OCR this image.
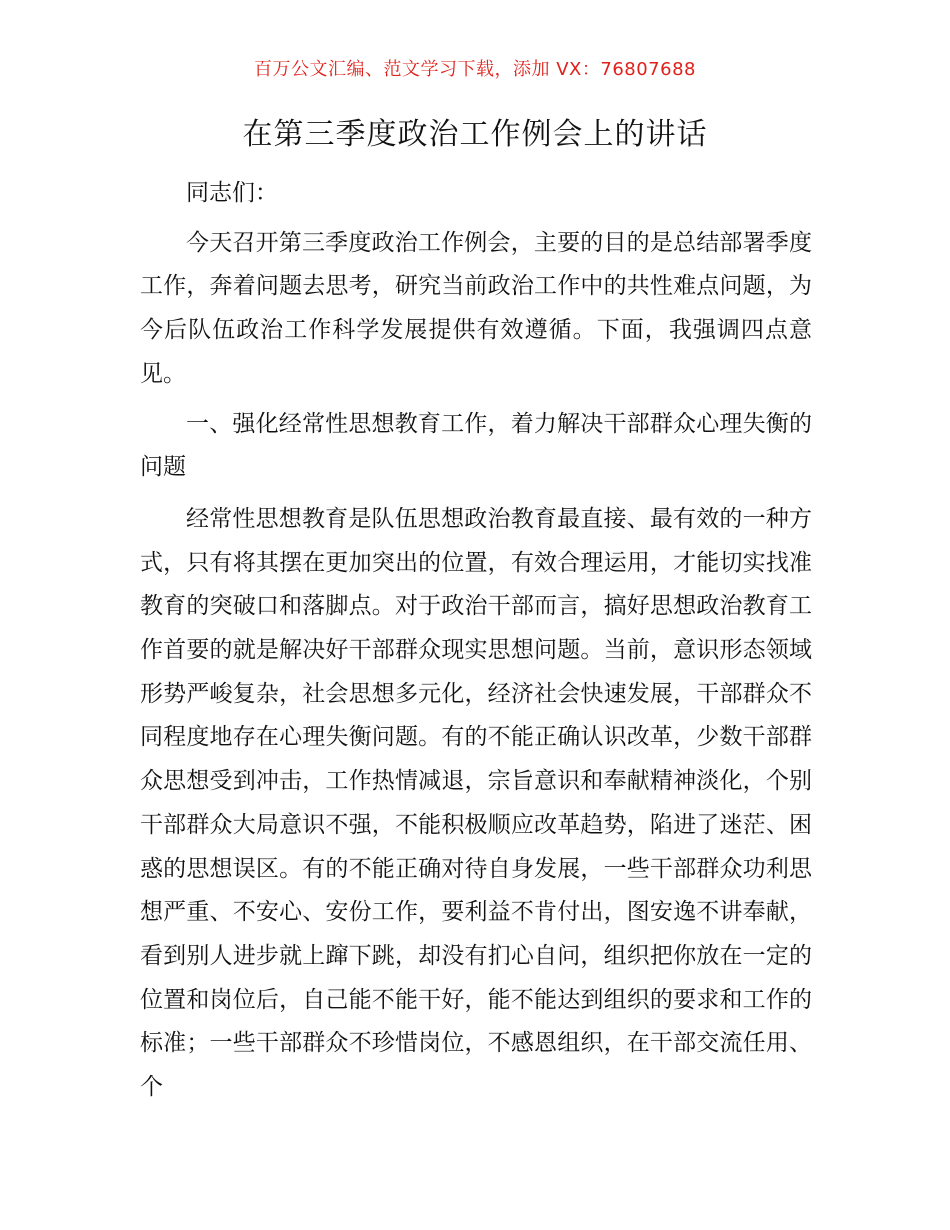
百万公文汇编、范文学习下载，添加 VX：76807688
在第三季度政治工作例会上的讲话

同志们：

今天召开第三季度政治工作例会，主要的目的是总结部署季度工作，奔着问题去思考，研究当前政治工作中的共性难点问题，为今后队伍政治工作科学发展提供有效遵循。下面，我强调四点意见。

一、强化经常性思想教育工作，着力解决干部群众心理失衡的问题

经常性思想教育是队伍思想政治教育最直接、最有效的一种方式，只有将其摆在更加突出的位置，有效合理运用，才能切实找准教育的突破口和落脚点。对于政治干部而言，搞好思想政治教育工作首要的就是解决好干部群众现实思想问题。当前，意识形态领域形势严峻复杂，社会思想多元化，经济社会快速发展，干部群众不同程度地存在心理失衡问题。有的不能正确认识改革，少数干部群众思想受到冲击，工作热情减退，宗旨意识和奉献精神淡化，个别干部群众大局意识不强，不能积极顺应改革趋势，陷进了迷茫、困惑的思想误区。有的不能正确对待自身发展，一些干部群众功利思想严重、不安心、安份工作，要利益不肯付出，图安逸不讲奉献，看到别人进步就上蹿下跳，却没有扪心自问，组织把你放在一定的位置和岗位后，自己能不能干好，能不能达到组织的要求和工作的标准；一些干部群众不珍惜岗位，不感恩组织，在干部交流任用、个
